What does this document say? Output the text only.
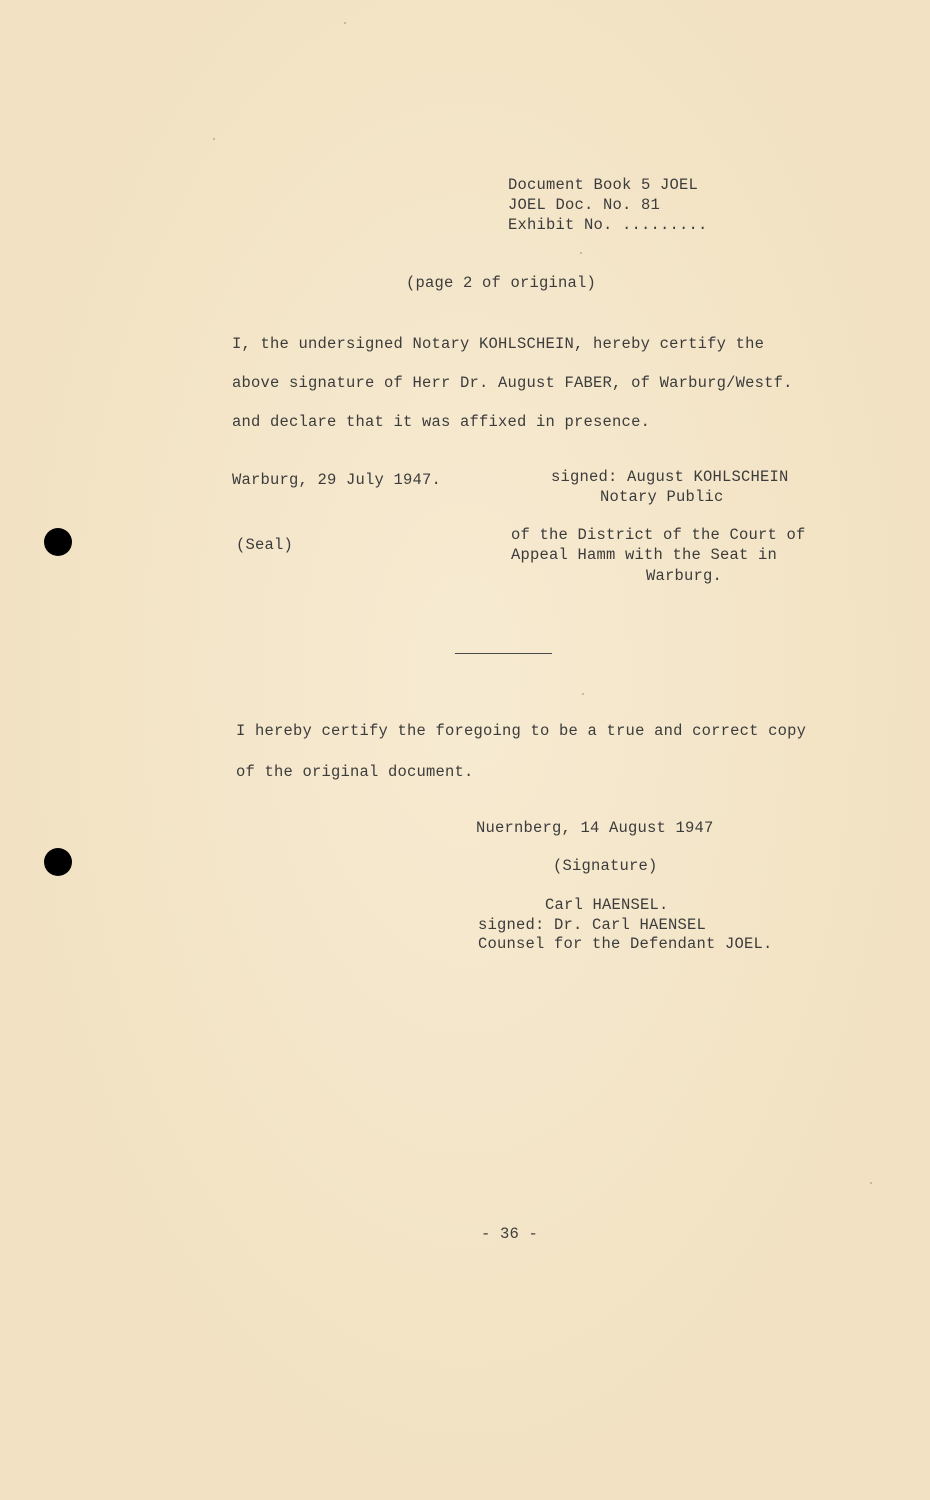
Document Book 5 JOEL
JOEL Doc. No. 81
Exhibit No. .........
(page 2 of original)
I, the undersigned Notary KOHLSCHEIN, hereby certify the
above signature of Herr Dr. August FABER, of Warburg/Westf.
and declare that it was affixed in presence.
Warburg, 29 July 1947.	signed: August KOHLSCHEIN
Notary Public
(Seal)
of the District of the Court of
Appeal Hamm with the Seat in
Warburg.
I hereby certify the foregoing to be a true and correct copy
of the original document.
Nuernberg, 14 August 1947
(Signature)
Carl HAENSEL.
signed: Dr. Carl HAENSEL
Counsel for the Defendant JOEL.
- 36 -
